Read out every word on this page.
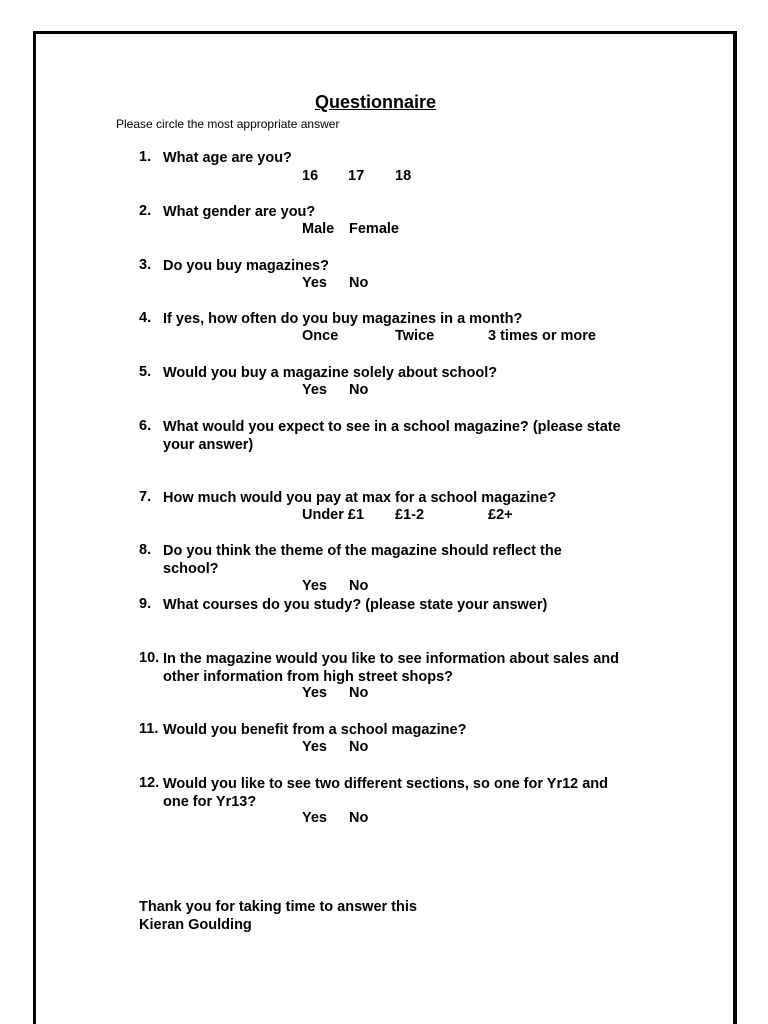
Questionnaire
Please circle the most appropriate answer
1. What age are you?
16 17 18
2. What gender are you?
Male Female
3. Do you buy magazines?
Yes No
4. If yes, how often do you buy magazines in a month?
Once	Twice	3 times or more
5. Would you buy a magazine solely about school?
Yes No
6. What would you expect to see in a school magazine? (please state
your answer)
7. How much would you pay at max for a school magazine?
Under £1 £1-2	£2+
8. Do you think the theme of the magazine should reflect the
school?
Yes No
9. What courses do you study? (please state your answer)
10. In the magazine would you like to see information about sales and
other information from high street shops?
Yes No
11. Would you benefit from a school magazine?
Yes No
12. Would you like to see two different sections, so one for Yr12 and
one for Yr13?
Yes No
Thank you for taking time to answer this
Kieran Goulding
